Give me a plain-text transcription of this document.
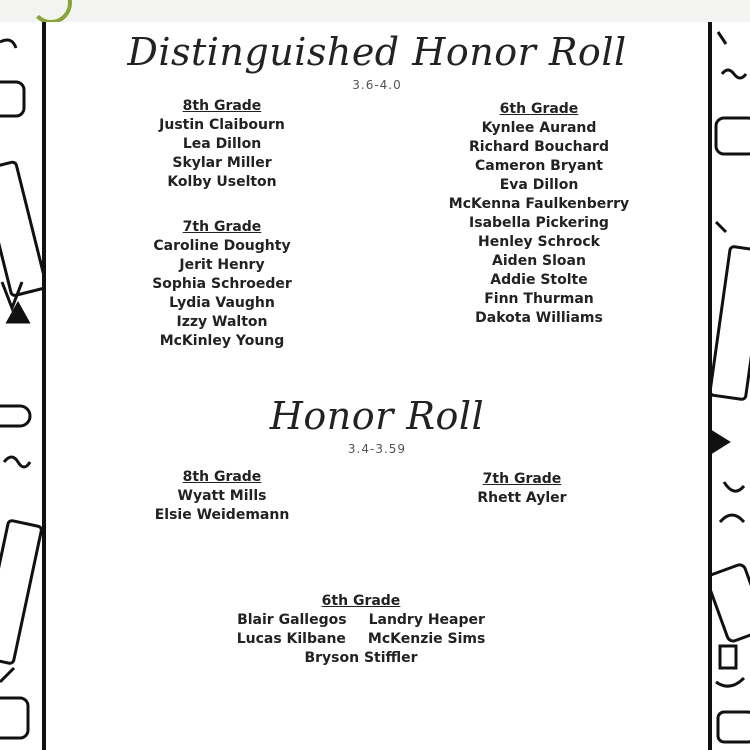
Distinguished Honor Roll
3.6-4.0
8th Grade
Justin Claibourn
Lea Dillon
Skylar Miller
Kolby Uselton
7th Grade
Caroline Doughty
Jerit Henry
Sophia Schroeder
Lydia Vaughn
Izzy Walton
McKinley Young
6th Grade
Kynlee Aurand
Richard Bouchard
Cameron Bryant
Eva Dillon
McKenna Faulkenberry
Isabella Pickering
Henley Schrock
Aiden Sloan
Addie Stolte
Finn Thurman
Dakota Williams
Honor Roll
3.4-3.59
8th Grade
Wyatt Mills
Elsie Weidemann
7th Grade
Rhett Ayler
6th Grade
Blair Gallegos Landry Heaper
Lucas Kilbane McKenzie Sims
Bryson Stiffler
